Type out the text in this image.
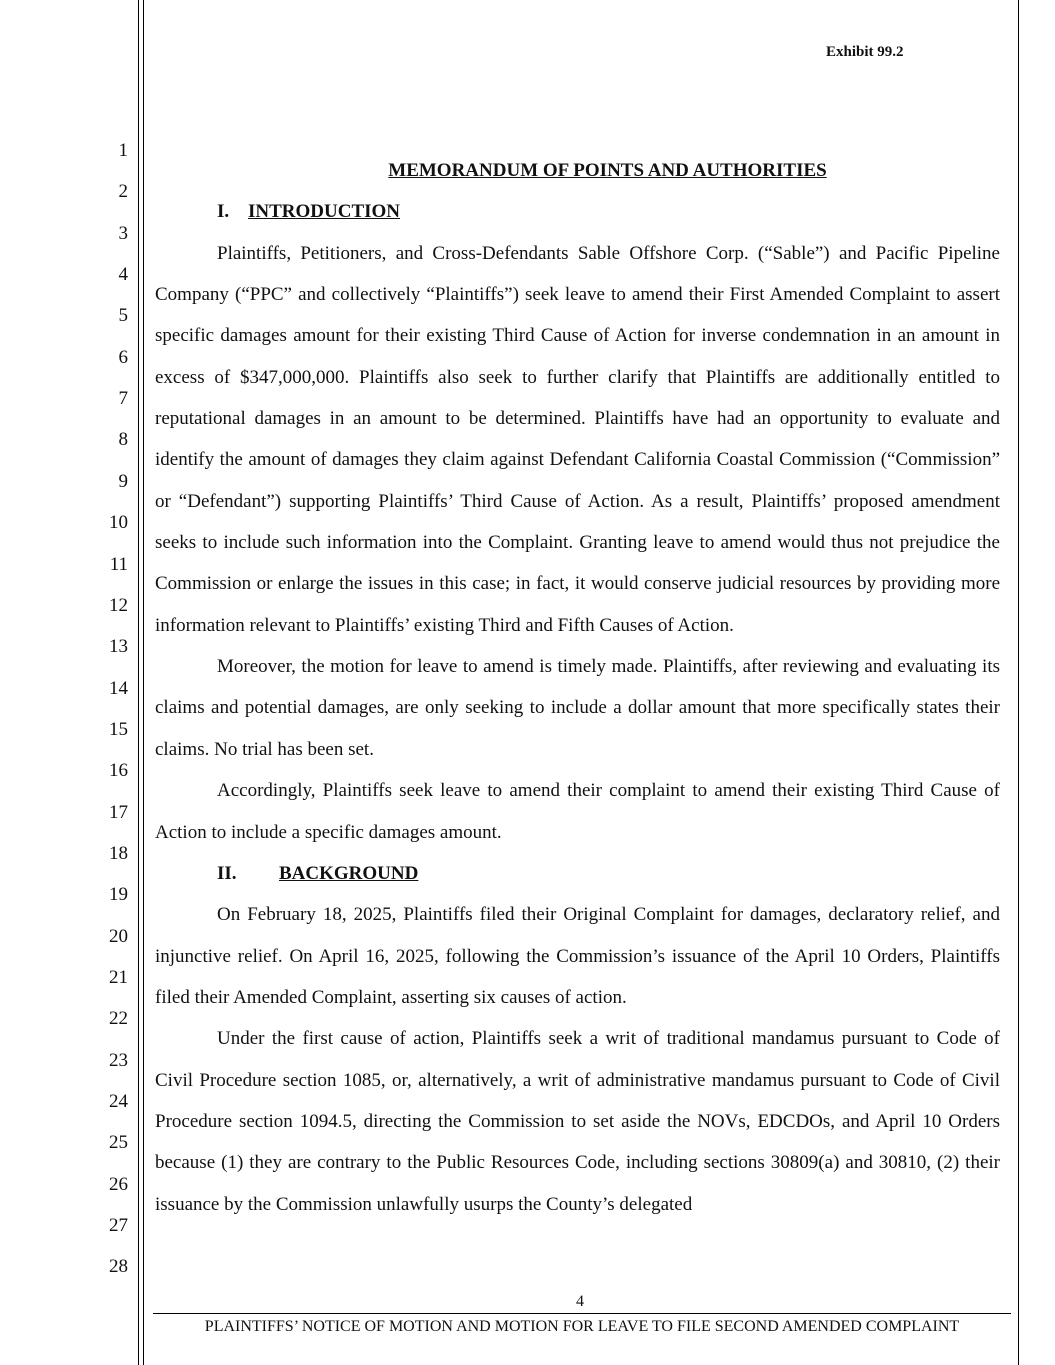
Exhibit 99.2
1
2
3
4
5
6
7
8
9
10
11
12
13
14
15
16
17
18
19
20
21
22
23
24
25
26
27
28
MEMORANDUM OF POINTS AND AUTHORITIES
I. INTRODUCTION

Plaintiffs, Petitioners, and Cross-Defendants Sable Offshore Corp. (“Sable”) and Pacific Pipeline Company (“PPC” and collectively “Plaintiffs”) seek leave to amend their First Amended Complaint to assert specific damages amount for their existing Third Cause of Action for inverse condemnation in an amount in excess of $347,000,000. Plaintiffs also seek to further clarify that Plaintiffs are additionally entitled to reputational damages in an amount to be determined. Plaintiffs have had an opportunity to evaluate and identify the amount of damages they claim against Defendant California Coastal Commission (“Commission” or “Defendant”) supporting Plaintiffs’ Third Cause of Action. As a result, Plaintiffs’ proposed amendment seeks to include such information into the Complaint. Granting leave to amend would thus not prejudice the Commission or enlarge the issues in this case; in fact, it would conserve judicial resources by providing more information relevant to Plaintiffs’ existing Third and Fifth Causes of Action.

Moreover, the motion for leave to amend is timely made. Plaintiffs, after reviewing and evaluating its claims and potential damages, are only seeking to include a dollar amount that more specifically states their claims. No trial has been set.

Accordingly, Plaintiffs seek leave to amend their complaint to amend their existing Third Cause of Action to include a specific damages amount.

II. BACKGROUND

On February 18, 2025, Plaintiffs filed their Original Complaint for damages, declaratory relief, and injunctive relief. On April 16, 2025, following the Commission’s issuance of the April 10 Orders, Plaintiffs filed their Amended Complaint, asserting six causes of action.

Under the first cause of action, Plaintiffs seek a writ of traditional mandamus pursuant to Code of Civil Procedure section 1085, or, alternatively, a writ of administrative mandamus pursuant to Code of Civil Procedure section 1094.5, directing the Commission to set aside the NOVs, EDCDOs, and April 10 Orders because (1) they are contrary to the Public Resources Code, including sections 30809(a) and 30810, (2) their issuance by the Commission unlawfully usurps the County’s delegated

4
PLAINTIFFS’ NOTICE OF MOTION AND MOTION FOR LEAVE TO FILE SECOND AMENDED COMPLAINT
